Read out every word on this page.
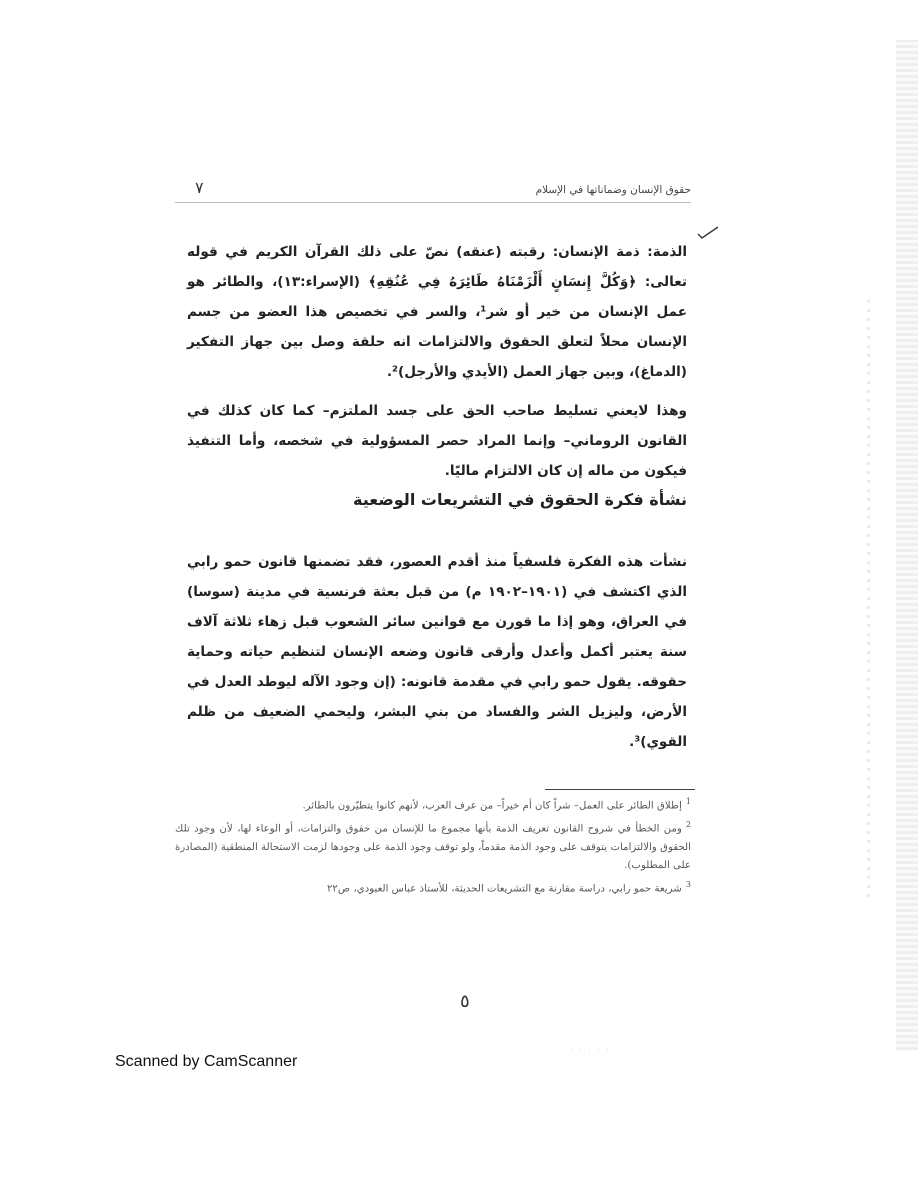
حقوق الإنسان وضماناتها في الإسلام
٧

الذمة: ذمة الإنسان: رقبته (عنقه) نصّ على ذلك القرآن الكريم في قوله تعالى: ﴿وَكُلَّ إِنسَانٍ أَلْزَمْنَاهُ طَائِرَهُ فِي عُنُقِهِ﴾ (الإسراء:١٣)، والطائر هو عمل الإنسان من خير أو شر¹، والسر في تخصيص هذا العضو من جسم الإنسان محلاً لتعلق الحقوق والالتزامات انه حلقة وصل بين جهاز التفكير (الدماغ)، وبين جهاز العمل (الأيدي والأرجل)².

وهذا لايعني تسليط صاحب الحق على جسد الملتزم– كما كان كذلك في القانون الروماني– وإنما المراد حصر المسؤولية في شخصه، وأما التنفيذ فيكون من ماله إن كان الالتزام ماليًا.

نشأة فكرة الحقوق في التشريعات الوضعية

نشأت هذه الفكرة فلسفياً منذ أقدم العصور، فقد تضمنها قانون حمو رابي الذي اكتشف في (١٩٠١–١٩٠٢ م) من قبل بعثة فرنسية في مدينة (سوسا) في العراق، وهو إذا ما قورن مع قوانين سائر الشعوب قبل زهاء ثلاثة آلاف سنة يعتبر أكمل وأعدل وأرقى قانون وضعه الإنسان لتنظيم حياته وحماية حقوقه. يقول حمو رابي في مقدمة قانونه: (إن وجود الآله ليوطد العدل في الأرض، وليزيل الشر والفساد من بني البشر، وليحمي الضعيف من ظلم القوي)³.

$^1$إطلاق الطائر على العمل– شراً كان أم خيراً– من عرف العرب، لأنهم كانوا يتطيّرون بالطائر.

$^2$ومن الخطأ في شروح القانون تعريف الذمة بأنها مجموع ما للإنسان من حقوق والتزامات، أو الوعاء لها، لأن وجود تلك الحقوق والالتزامات يتوقف على وجود الذمة مقدماً، ولو توقف وجود الذمة على وجودها لزمت الاستحالة المنطقية (المصادرة على المطلوب).

$^3$شريعة حمو رابي، دراسة مقارنة مع التشريعات الحديثة، للأستاذ عباس العبودي، ص٢٢

٥
· · · · ·
Scanned by CamScanner
